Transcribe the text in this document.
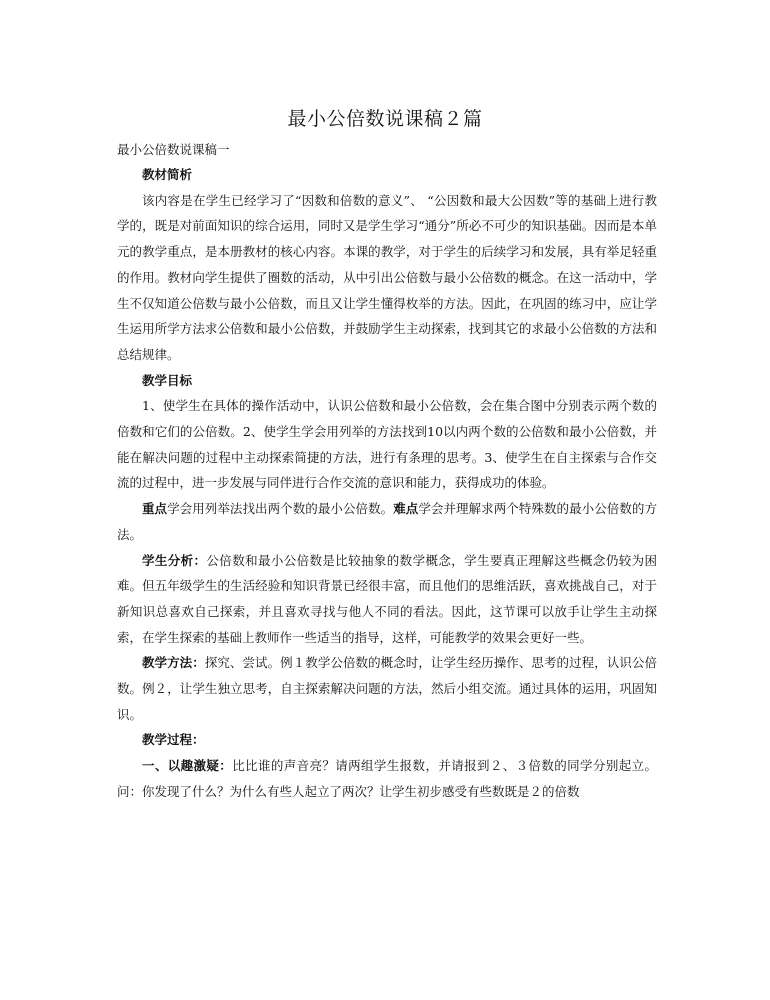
最小公倍数说课稿２篇
最小公倍数说课稿一

教材简析

该内容是在学生已经学习了“因数和倍数的意义”、 “公因数和最大公因数”等的基础上进行教学的，既是对前面知识的综合运用，同时又是学生学习“通分”所必不可少的知识基础。因而是本单元的教学重点，是本册教材的核心内容。本课的教学，对于学生的后续学习和发展，具有举足轻重的作用。教材向学生提供了圈数的活动，从中引出公倍数与最小公倍数的概念。在这一活动中，学生不仅知道公倍数与最小公倍数，而且又让学生懂得枚举的方法。因此，在巩固的练习中，应让学生运用所学方法求公倍数和最小公倍数，并鼓励学生主动探索，找到其它的求最小公倍数的方法和总结规律。

教学目标

1、使学生在具体的操作活动中，认识公倍数和最小公倍数，会在集合图中分别表示两个数的倍数和它们的公倍数。2、使学生学会用列举的方法找到10以内两个数的公倍数和最小公倍数，并能在解决问题的过程中主动探索简捷的方法，进行有条理的思考。3、使学生在自主探索与合作交流的过程中，进一步发展与同伴进行合作交流的意识和能力，获得成功的体验。

重点学会用列举法找出两个数的最小公倍数。难点学会并理解求两个特殊数的最小公倍数的方法。

学生分析：公倍数和最小公倍数是比较抽象的数学概念，学生要真正理解这些概念仍较为困难。但五年级学生的生活经验和知识背景已经很丰富，而且他们的思维活跃，喜欢挑战自己，对于新知识总喜欢自己探索，并且喜欢寻找与他人不同的看法。因此，这节课可以放手让学生主动探索，在学生探索的基础上教师作一些适当的指导，这样，可能教学的效果会更好一些。

教学方法：探究、尝试。例１教学公倍数的概念时，让学生经历操作、思考的过程，认识公倍数。例２，让学生独立思考，自主探索解决问题的方法，然后小组交流。通过具体的运用，巩固知识。

教学过程：

一、以趣激疑：比比谁的声音亮？请两组学生报数，并请报到２、３倍数的同学分别起立。问：你发现了什么？为什么有些人起立了两次？让学生初步感受有些数既是２的倍数
